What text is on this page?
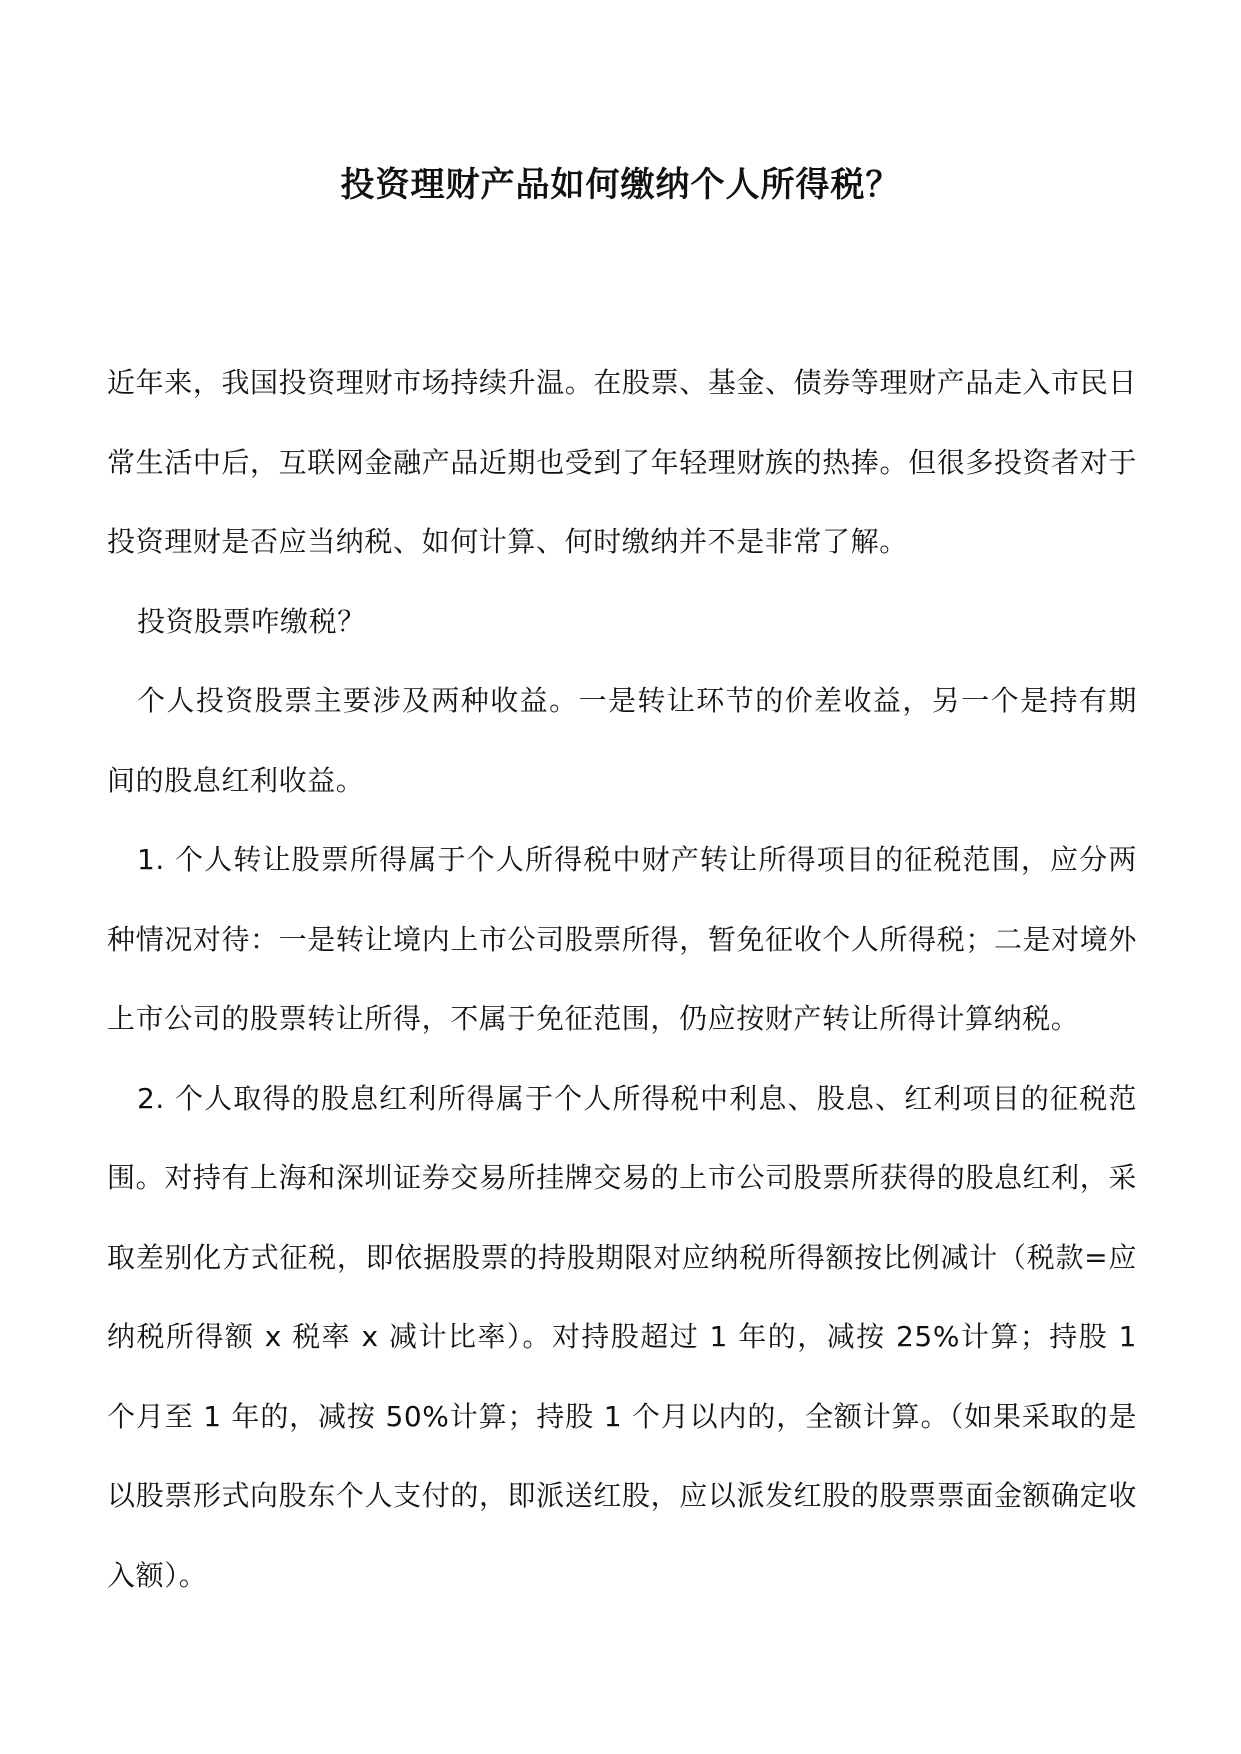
投资理财产品如何缴纳个人所得税？

近年来，我国投资理财市场持续升温。在股票、基金、债券等理财产品走入市民日常生活中后，互联网金融产品近期也受到了年轻理财族的热捧。但很多投资者对于投资理财是否应当纳税、如何计算、何时缴纳并不是非常了解。

投资股票咋缴税？

个人投资股票主要涉及两种收益。一是转让环节的价差收益，另一个是持有期间的股息红利收益。

1. 个人转让股票所得属于个人所得税中财产转让所得项目的征税范围，应分两种情况对待：一是转让境内上市公司股票所得，暂免征收个人所得税；二是对境外上市公司的股票转让所得，不属于免征范围，仍应按财产转让所得计算纳税。

2. 个人取得的股息红利所得属于个人所得税中利息、股息、红利项目的征税范围。对持有上海和深圳证券交易所挂牌交易的上市公司股票所获得的股息红利，采取差别化方式征税，即依据股票的持股期限对应纳税所得额按比例减计（税款=应纳税所得额 x 税率 x 减计比率）。对持股超过 1 年的，减按 25%计算；持股 1 个月至 1 年的，减按 50%计算；持股 1 个月以内的，全额计算。（如果采取的是以股票形式向股东个人支付的，即派送红股，应以派发红股的股票票面金额确定收入额）。
